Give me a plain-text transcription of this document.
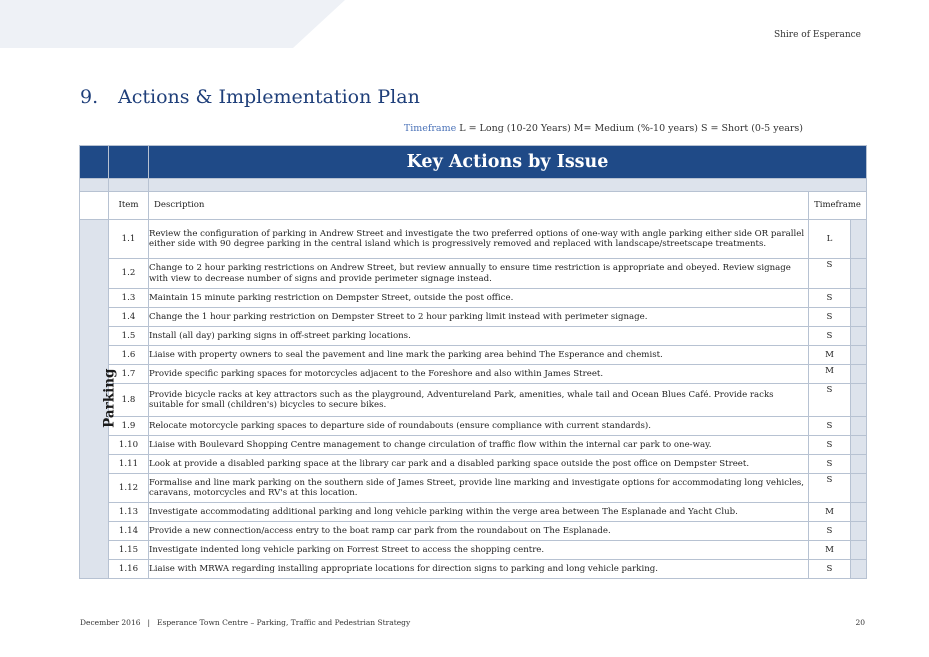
Shire of Esperance
9. Actions & Implementation Plan
Timeframe L = Long (10-20 Years) M= Medium (%-10 years) S = Short (0-5 years)
		Key Actions by Issue		

	Item	Description	Timeframe	
Parking	1.1	Review the configuration of parking in Andrew Street and investigate the two preferred options of one-way with angle parking either side OR parallel either side with 90 degree parking in the central island which is progressively removed and replaced with landscape/streetscape treatments.	L	
	1.2	Change to 2 hour parking restrictions on Andrew Street, but review annually to ensure time restriction is appropriate and obeyed. Review signage with view to decrease number of signs and provide perimeter signage instead.	S	
	1.3	Maintain 15 minute parking restriction on Dempster Street, outside the post office.	S	
	1.4	Change the 1 hour parking restriction on Dempster Street to 2 hour parking limit instead with perimeter signage.	S	
	1.5	Install (all day) parking signs in off-street parking locations.	S	
	1.6	Liaise with property owners to seal the pavement and line mark the parking area behind The Esperance and chemist.	M	
	1.7	Provide specific parking spaces for motorcycles adjacent to the Foreshore and also within James Street.	M	
	1.8	Provide bicycle racks at key attractors such as the playground, Adventureland Park, amenities, whale tail and Ocean Blues Café. Provide racks suitable for small (children's) bicycles to secure bikes.	S	
	1.9	Relocate motorcycle parking spaces to departure side of roundabouts (ensure compliance with current standards).	S	
	1.10	Liaise with Boulevard Shopping Centre management to change circulation of traffic flow within the internal car park to one-way.	S	
	1.11	Look at provide a disabled parking space at the library car park and a disabled parking space outside the post office on Dempster Street.	S	
	1.12	Formalise and line mark parking on the southern side of James Street, provide line marking and investigate options for accommodating long vehicles, caravans, motorcycles and RV's at this location.	S	
	1.13	Investigate accommodating additional parking and long vehicle parking within the verge area between The Esplanade and Yacht Club.	M	
	1.14	Provide a new connection/access entry to the boat ramp car park from the roundabout on The Esplanade.	S	
	1.15	Investigate indented long vehicle parking on Forrest Street to access the shopping centre.	M	
	1.16	Liaise with MRWA regarding installing appropriate locations for direction signs to parking and long vehicle parking.	S	
December 2016 | Esperance Town Centre – Parking, Traffic and Pedestrian Strategy	20
